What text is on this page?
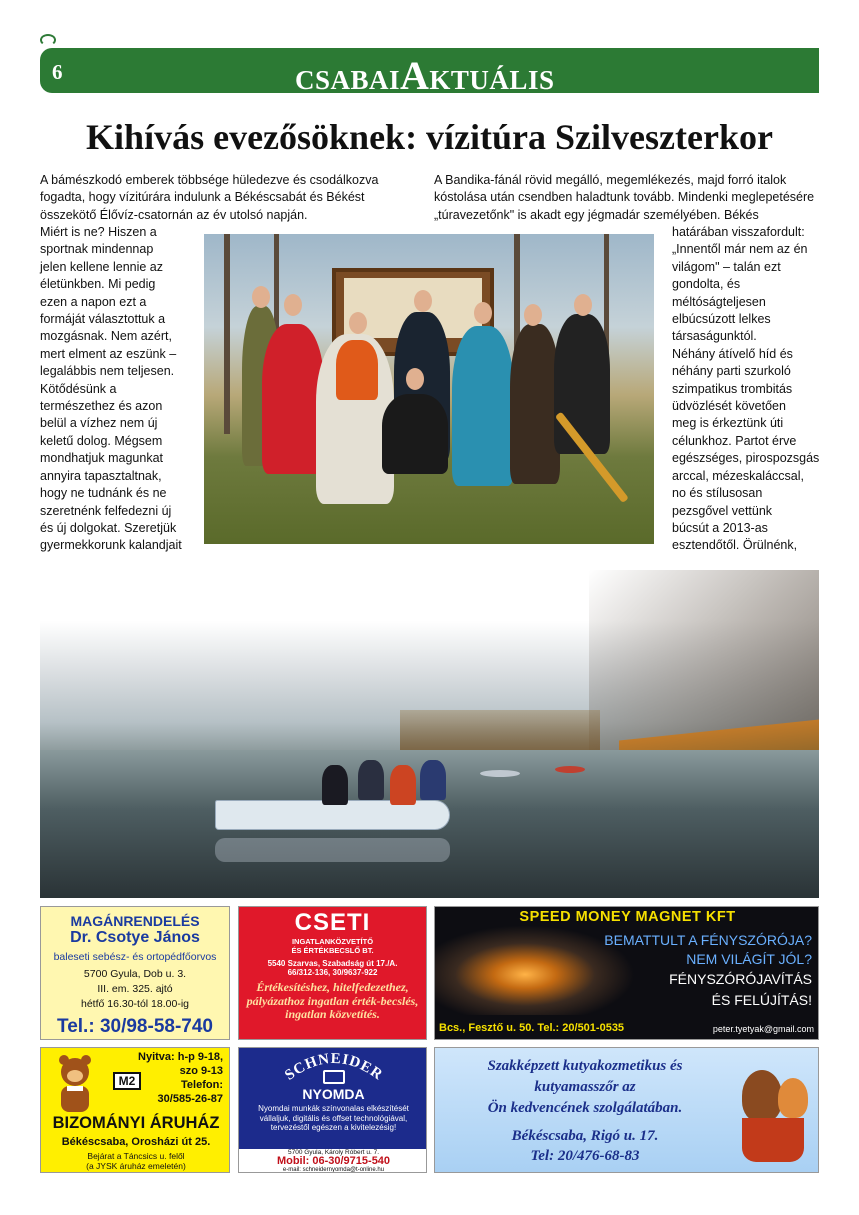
6	CSABAIAKTUÁLIS
Kihívás evezősöknek: vízitúra Szilveszterkor
A bámészkodó emberek többsége hüledezve és csodálkozva fogadta, hogy vízitúrára indulunk a Békéscsabát és Békést összekötő Élővíz-csatornán az év utolsó napján.
Miért is ne? Hiszen a
sportnak mindennap
jelen kellene lennie az
életünkben. Mi pedig
ezen a napon ezt a
formáját választottuk a
mozgásnak. Nem azért,
mert elment az eszünk –
legalábbis nem teljesen.
Kötődésünk a
természethez és azon
belül a vízhez nem új
keletű dolog. Mégsem
mondhatjuk magunkat
annyira tapasztaltnak,
hogy ne tudnánk és ne
szeretnénk felfedezni új
és új dolgokat. Szeretjük
gyermekkorunk kalandjait

A Bandika-fánál rövid megálló, megemlékezés, majd forró italok kóstolása után csendben haladtunk tovább. Mindenki meglepetésére „túravezetőnk" is akadt egy jégmadár személyében. Békés
határában visszafordult:
„Innentől már nem az én
világom" – talán ezt
gondolta, és
méltóságteljesen
elbúcsúzott lelkes
társaságunktól.
Néhány átívelő híd és
néhány parti szurkoló
szimpatikus trombitás
üdvözlését követően
meg is érkeztünk úti
célunkhoz. Partot érve
egészséges, pirospozsgás
arccal, mézeskaláccsal,
no és stílusosan
pezsgővel vettünk
búcsút a 2013-as
esztendőtől. Örülnénk,
MAGÁNRENDELÉS
Dr. Csotye János
baleseti sebész- és ortopédfőorvos
5700 Gyula, Dob u. 3.
III. em. 325. ajtó
hétfő 16.30-tól 18.00-ig
Tel.: 30/98-58-740
CSETI
INGATLANKÖZVETÍTŐ
ÉS ÉRTÉKBECSLŐ BT.
5540 Szarvas, Szabadság út 17./A.
66/312-136, 30/9637-922
Értékesítéshez, hitelfedezethez, pályázathoz ingatlan érték-becslés, ingatlan közvetítés.
SPEED MONEY MAGNET KFT
BEMATTULT A FÉNYSZÓRÓJA?
NEM VILÁGÍT JÓL?
FÉNYSZÓRÓJAVÍTÁS
ÉS FELÚJÍTÁS!
Bcs., Fesztő u. 50. Tel.: 20/501-0535	peter.tyetyak@gmail.com
M2
Nyitva: h-p 9-18,
szo 9-13
Telefon:
30/585-26-87
BIZOMÁNYI ÁRUHÁZ
Békéscsaba, Orosházi út 25.
Bejárat a Táncsics u. felől
(a JYSK áruház emeletén)
SCHNEIDER
NYOMDA
Nyomdai munkák színvonalas elkészítését vállaljuk, digitális és offset technológiával, tervezéstől egészen a kivitelezésig!
5700 Gyula, Károly Róbert u. 7.
Mobil: 06-30/9715-540
e-mail: schneidernyomda@t-online.hu
Szakképzett kutyakozmetikus és
kutyamasszőr az
Ön kedvencének szolgálatában.
Békéscsaba, Rigó u. 17.
Tel: 20/476-68-83
